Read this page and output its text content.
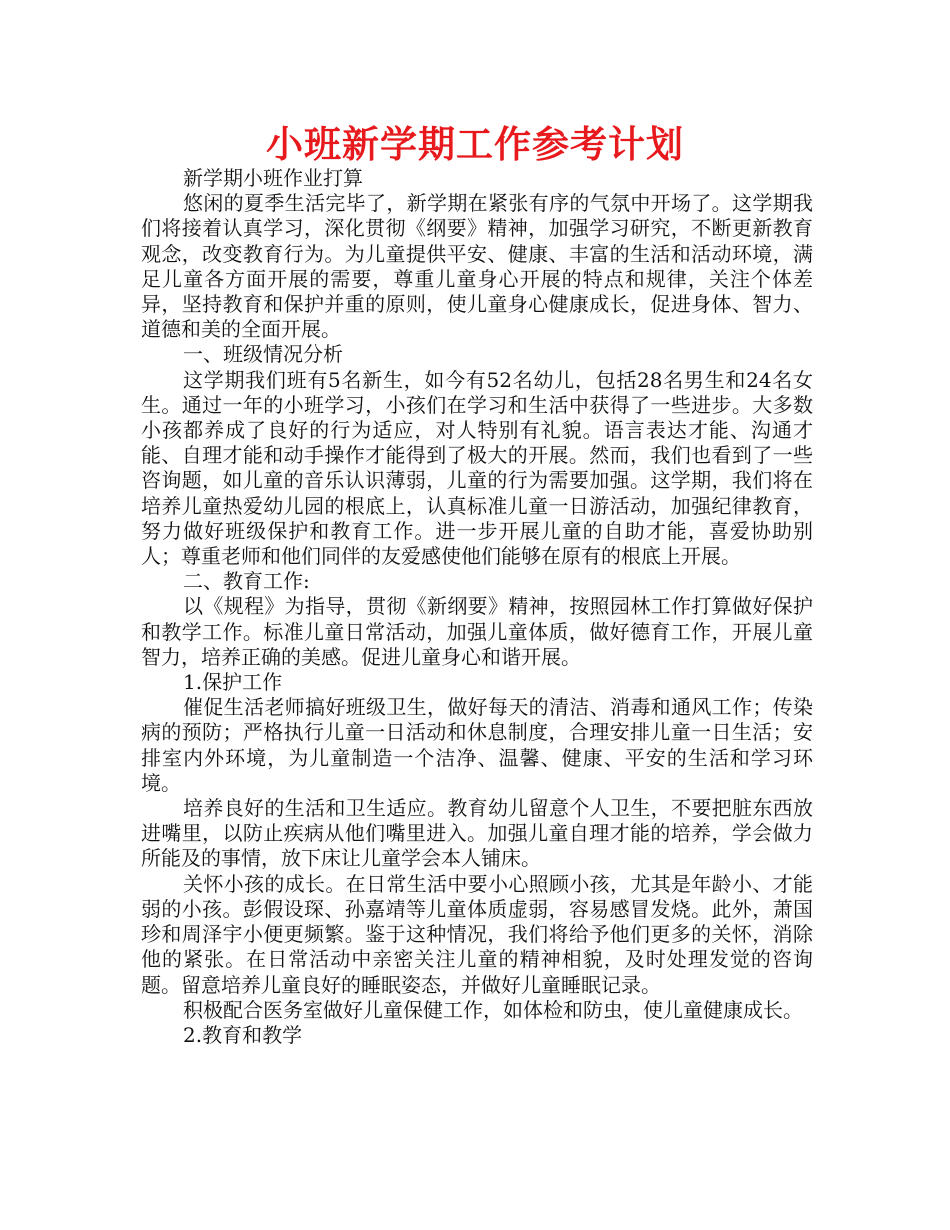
小班新学期工作参考计划

新学期小班作业打算

悠闲的夏季生活完毕了，新学期在紧张有序的气氛中开场了。这学期我们将接着认真学习，深化贯彻《纲要》精神，加强学习研究，不断更新教育观念，改变教育行为。为儿童提供平安、健康、丰富的生活和活动环境，满足儿童各方面开展的需要，尊重儿童身心开展的特点和规律，关注个体差异，坚持教育和保护并重的原则，使儿童身心健康成长，促进身体、智力、道德和美的全面开展。

一、班级情况分析

这学期我们班有5名新生，如今有52名幼儿，包括28名男生和24名女生。通过一年的小班学习，小孩们在学习和生活中获得了一些进步。大多数小孩都养成了良好的行为适应，对人特别有礼貌。语言表达才能、沟通才能、自理才能和动手操作才能得到了极大的开展。然而，我们也看到了一些咨询题，如儿童的音乐认识薄弱，儿童的行为需要加强。这学期，我们将在培养儿童热爱幼儿园的根底上，认真标准儿童一日游活动，加强纪律教育，努力做好班级保护和教育工作。进一步开展儿童的自助才能，喜爱协助别人；尊重老师和他们同伴的友爱感使他们能够在原有的根底上开展。

二、教育工作:

以《规程》为指导，贯彻《新纲要》精神，按照园林工作打算做好保护和教学工作。标准儿童日常活动，加强儿童体质，做好德育工作，开展儿童智力，培养正确的美感。促进儿童身心和谐开展。

1.保护工作

催促生活老师搞好班级卫生，做好每天的清洁、消毒和通风工作；传染病的预防；严格执行儿童一日活动和休息制度，合理安排儿童一日生活；安排室内外环境，为儿童制造一个洁净、温馨、健康、平安的生活和学习环境。

培养良好的生活和卫生适应。教育幼儿留意个人卫生，不要把脏东西放进嘴里，以防止疾病从他们嘴里进入。加强儿童自理才能的培养，学会做力所能及的事情，放下床让儿童学会本人铺床。

关怀小孩的成长。在日常生活中要小心照顾小孩，尤其是年龄小、才能弱的小孩。彭假设琛、孙嘉靖等儿童体质虚弱，容易感冒发烧。此外，萧国珍和周泽宇小便更频繁。鉴于这种情况，我们将给予他们更多的关怀，消除他的紧张。在日常活动中亲密关注儿童的精神相貌，及时处理发觉的咨询题。留意培养儿童良好的睡眠姿态，并做好儿童睡眠记录。

积极配合医务室做好儿童保健工作，如体检和防虫，使儿童健康成长。

2.教育和教学
